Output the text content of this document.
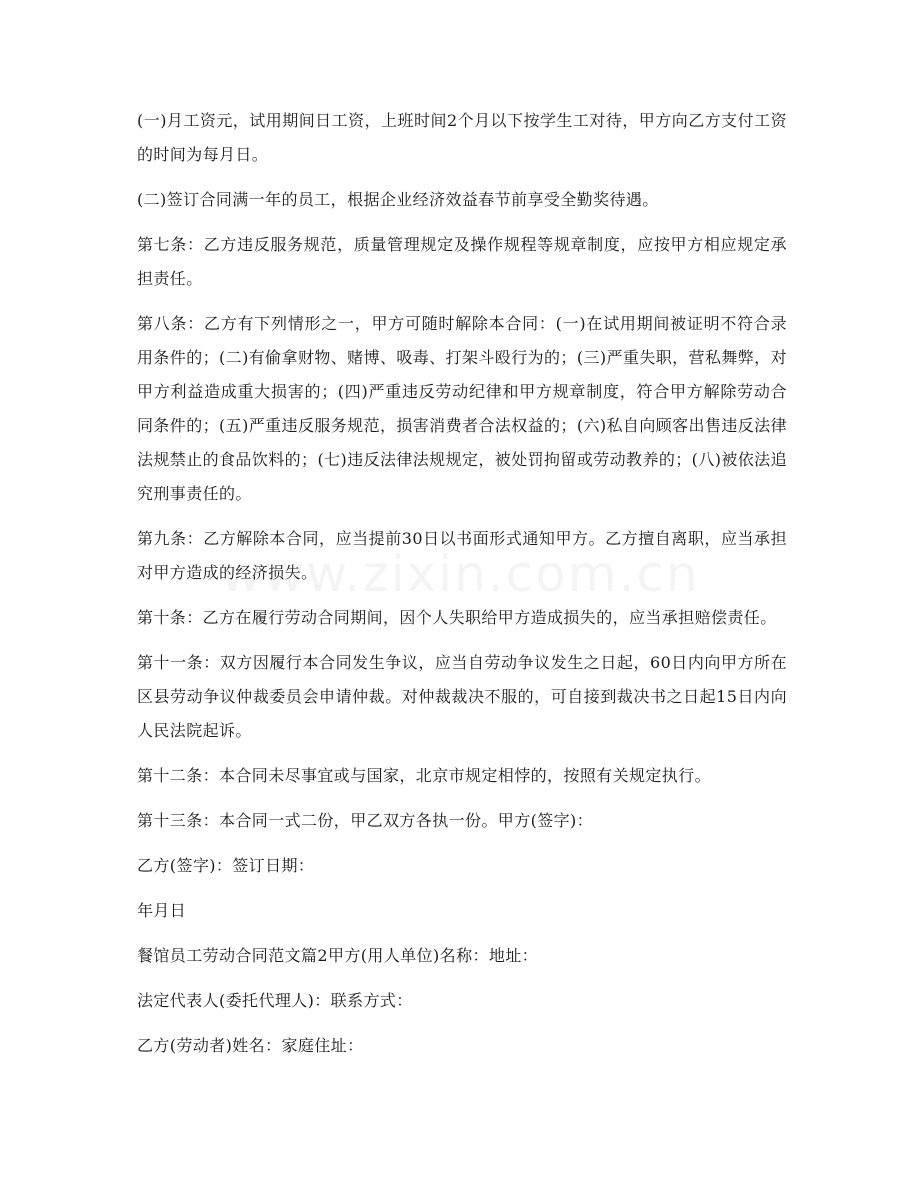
(一)月工资元，试用期间日工资，上班时间2个月以下按学生工对待，甲方向乙方支付工资的时间为每月日。

(二)签订合同满一年的员工，根据企业经济效益春节前享受全勤奖待遇。

第七条：乙方违反服务规范，质量管理规定及操作规程等规章制度，应按甲方相应规定承担责任。

第八条：乙方有下列情形之一，甲方可随时解除本合同：(一)在试用期间被证明不符合录用条件的；(二)有偷拿财物、赌博、吸毒、打架斗殴行为的；(三)严重失职，营私舞弊，对甲方利益造成重大损害的；(四)严重违反劳动纪律和甲方规章制度，符合甲方解除劳动合同条件的；(五)严重违反服务规范，损害消费者合法权益的；(六)私自向顾客出售违反法律法规禁止的食品饮料的；(七)违反法律法规规定，被处罚拘留或劳动教养的；(八)被依法追究刑事责任的。

第九条：乙方解除本合同，应当提前30日以书面形式通知甲方。乙方擅自离职，应当承担对甲方造成的经济损失。

第十条：乙方在履行劳动合同期间，因个人失职给甲方造成损失的，应当承担赔偿责任。

第十一条：双方因履行本合同发生争议，应当自劳动争议发生之日起，60日内向甲方所在区县劳动争议仲裁委员会申请仲裁。对仲裁裁决不服的，可自接到裁决书之日起15日内向人民法院起诉。

第十二条：本合同未尽事宜或与国家，北京市规定相悖的，按照有关规定执行。

第十三条：本合同一式二份，甲乙双方各执一份。甲方(签字)：

乙方(签字)：签订日期：

年月日

餐馆员工劳动合同范文篇2甲方(用人单位)名称：地址：

法定代表人(委托代理人)：联系方式：

乙方(劳动者)姓名：家庭住址：
